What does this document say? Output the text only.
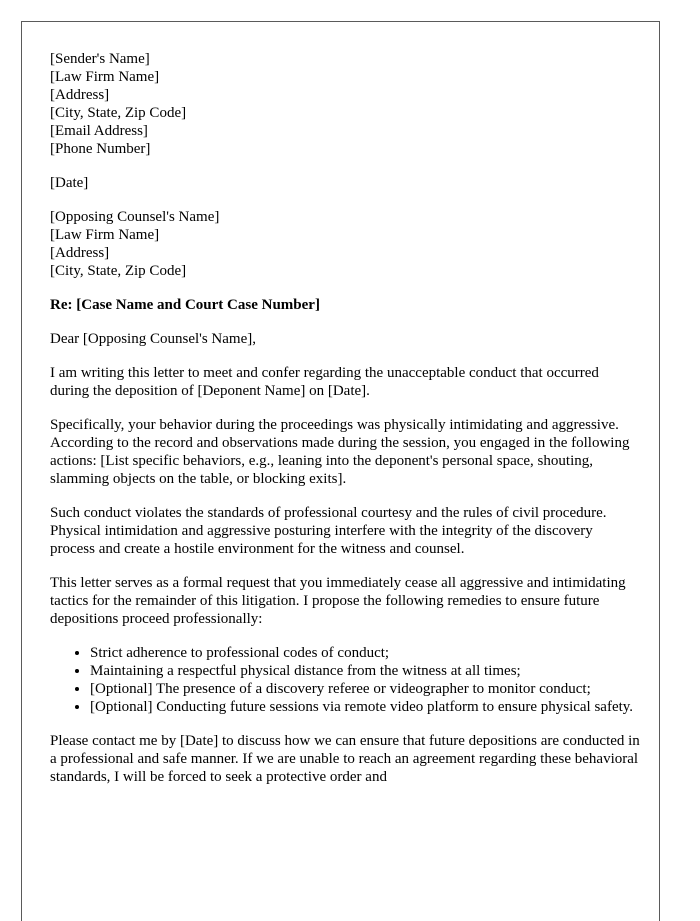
[Sender's Name]
[Law Firm Name]
[Address]
[City, State, Zip Code]
[Email Address]
[Phone Number]
[Date]
[Opposing Counsel's Name]
[Law Firm Name]
[Address]
[City, State, Zip Code]

Re: [Case Name and Court Case Number]

Dear [Opposing Counsel's Name],

I am writing this letter to meet and confer regarding the unacceptable conduct that occurred during the deposition of [Deponent Name] on [Date].

Specifically, your behavior during the proceedings was physically intimidating and aggressive. According to the record and observations made during the session, you engaged in the following actions: [List specific behaviors, e.g., leaning into the deponent's personal space, shouting, slamming objects on the table, or blocking exits].

Such conduct violates the standards of professional courtesy and the rules of civil procedure. Physical intimidation and aggressive posturing interfere with the integrity of the discovery process and create a hostile environment for the witness and counsel.

This letter serves as a formal request that you immediately cease all aggressive and intimidating tactics for the remainder of this litigation. I propose the following remedies to ensure future depositions proceed professionally:

• Strict adherence to professional codes of conduct;
• Maintaining a respectful physical distance from the witness at all times;
• [Optional] The presence of a discovery referee or videographer to monitor conduct;
• [Optional] Conducting future sessions via remote video platform to ensure physical safety.

Please contact me by [Date] to discuss how we can ensure that future depositions are conducted in a professional and safe manner. If we are unable to reach an agreement regarding these behavioral standards, I will be forced to seek a protective order and
